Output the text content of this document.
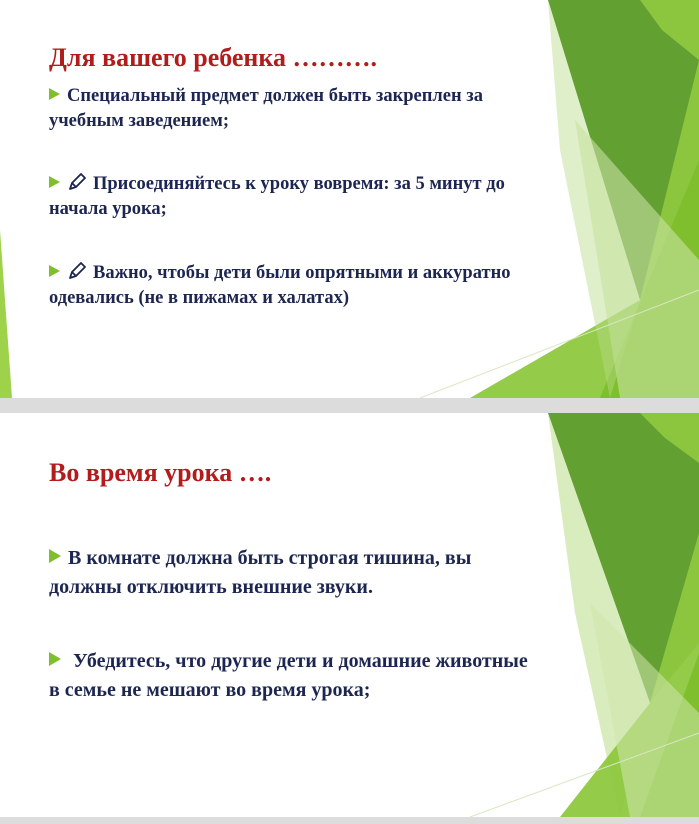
Для вашего ребенка ……….
Специальный предмет должен быть закреплен за учебным заведением;
Присоединяйтесь к уроку вовремя: за 5 минут до начала урока;
Важно, чтобы дети были опрятными и аккуратно одевались (не в пижамах и халатах)
Во время урока ….
В комнате должна быть строгая тишина, вы должны отключить внешние звуки.
Убедитесь, что другие дети и домашние животные в семье не мешают во время урока;
